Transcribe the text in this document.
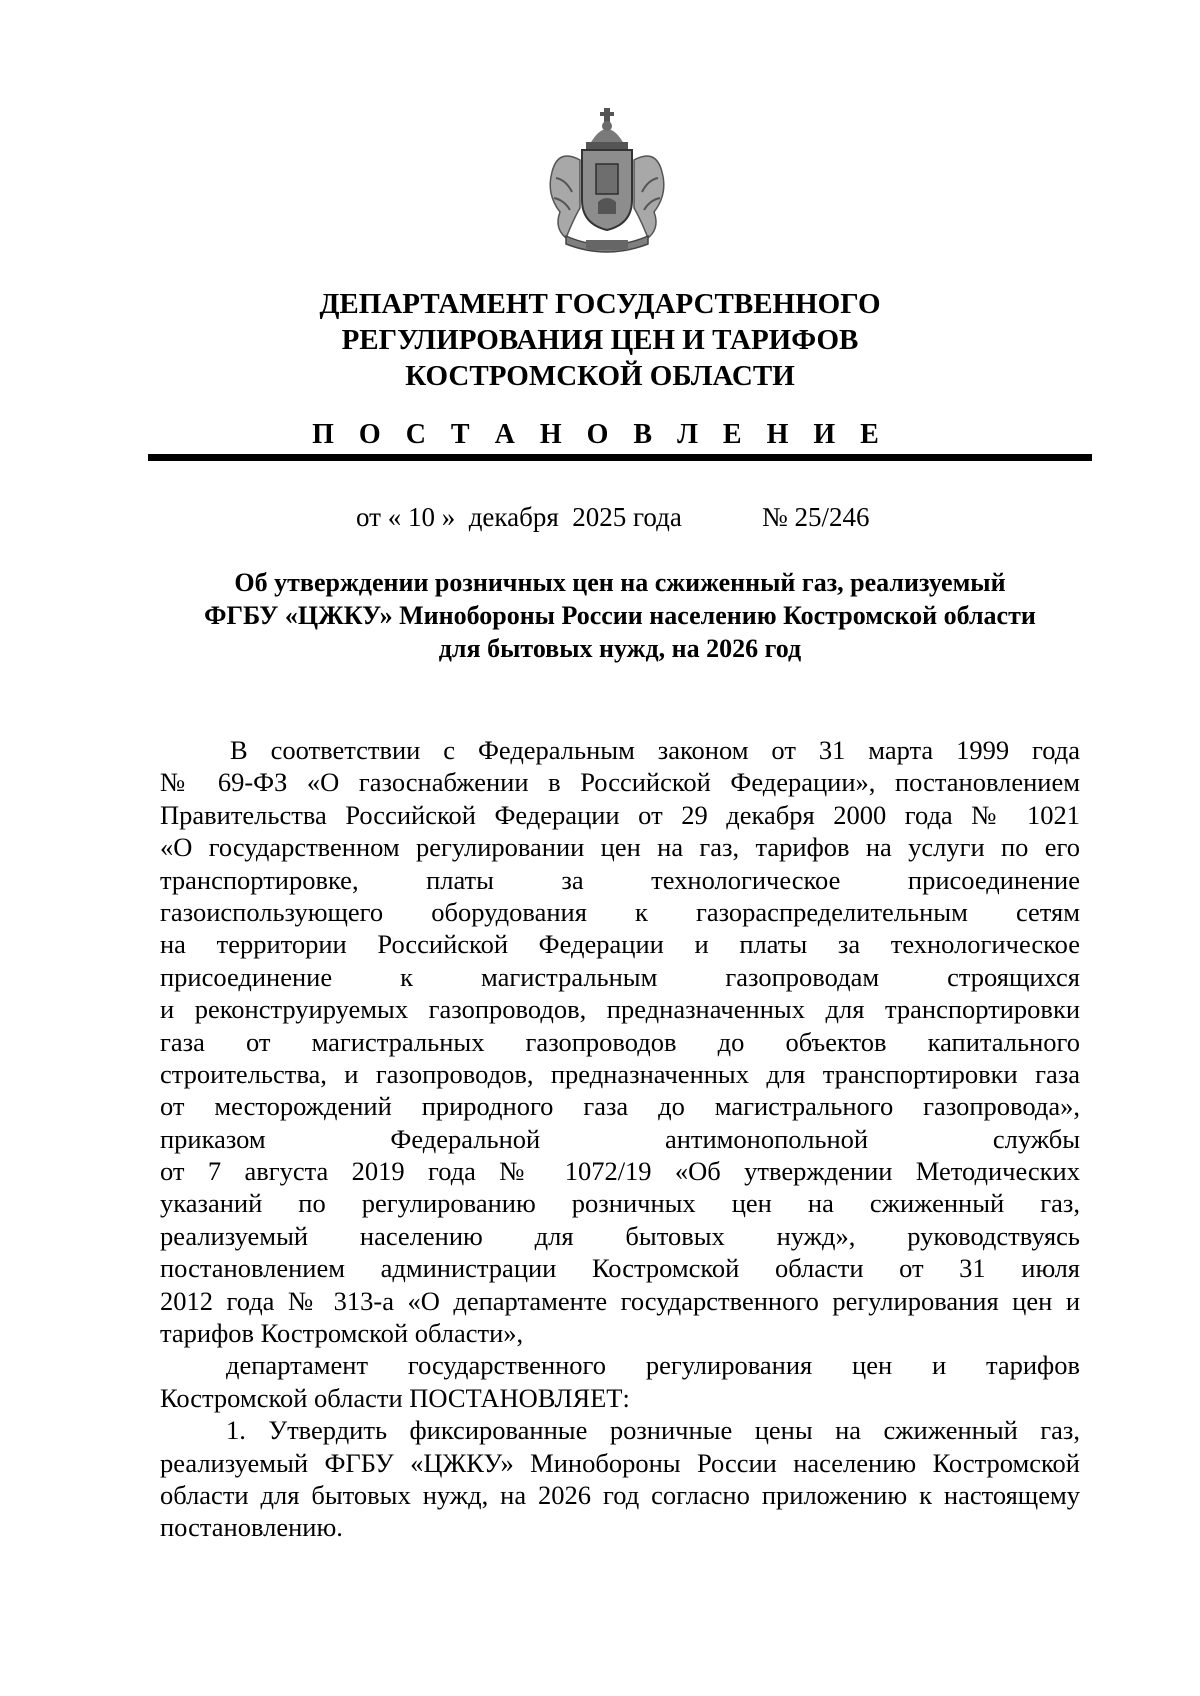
ДЕПАРТАМЕНТ ГОСУДАРСТВЕННОГО
РЕГУЛИРОВАНИЯ ЦЕН И ТАРИФОВ
КОСТРОМСКОЙ ОБЛАСТИ
П О С Т А Н О В Л Е Н И Е
от « 10 »  декабря  2025 года	№ 25/246
Об утверждении розничных цен на сжиженный газ, реализуемый
ФГБУ «ЦЖКУ» Минобороны России населению Костромской области
для бытовых нужд, на 2026 год
В соответствии с Федеральным законом от 31 марта 1999 года
№ 69-ФЗ «О газоснабжении в Российской Федерации», постановлением
Правительства Российской Федерации от 29 декабря 2000 года № 1021
«О государственном регулировании цен на газ, тарифов на услуги по его
транспортировке, платы за технологическое присоединение
газоиспользующего оборудования к газораспределительным сетям
на территории Российской Федерации и платы за технологическое
присоединение к магистральным газопроводам строящихся
и реконструируемых газопроводов, предназначенных для транспортировки
газа от магистральных газопроводов до объектов капитального
строительства, и газопроводов, предназначенных для транспортировки газа
от месторождений природного газа до магистрального газопровода»,
приказом Федеральной антимонопольной службы
от 7 августа 2019 года № 1072/19 «Об утверждении Методических
указаний по регулированию розничных цен на сжиженный газ,
реализуемый населению для бытовых нужд», руководствуясь
постановлением администрации Костромской области от 31 июля
2012 года № 313-а «О департаменте государственного регулирования цен и
тарифов Костромской области»,
департамент государственного регулирования цен и тарифов
Костромской области ПОСТАНОВЛЯЕТ:
1. Утвердить фиксированные розничные цены на сжиженный газ,
реализуемый ФГБУ «ЦЖКУ» Минобороны России населению Костромской
области для бытовых нужд, на 2026 год согласно приложению к настоящему
постановлению.
